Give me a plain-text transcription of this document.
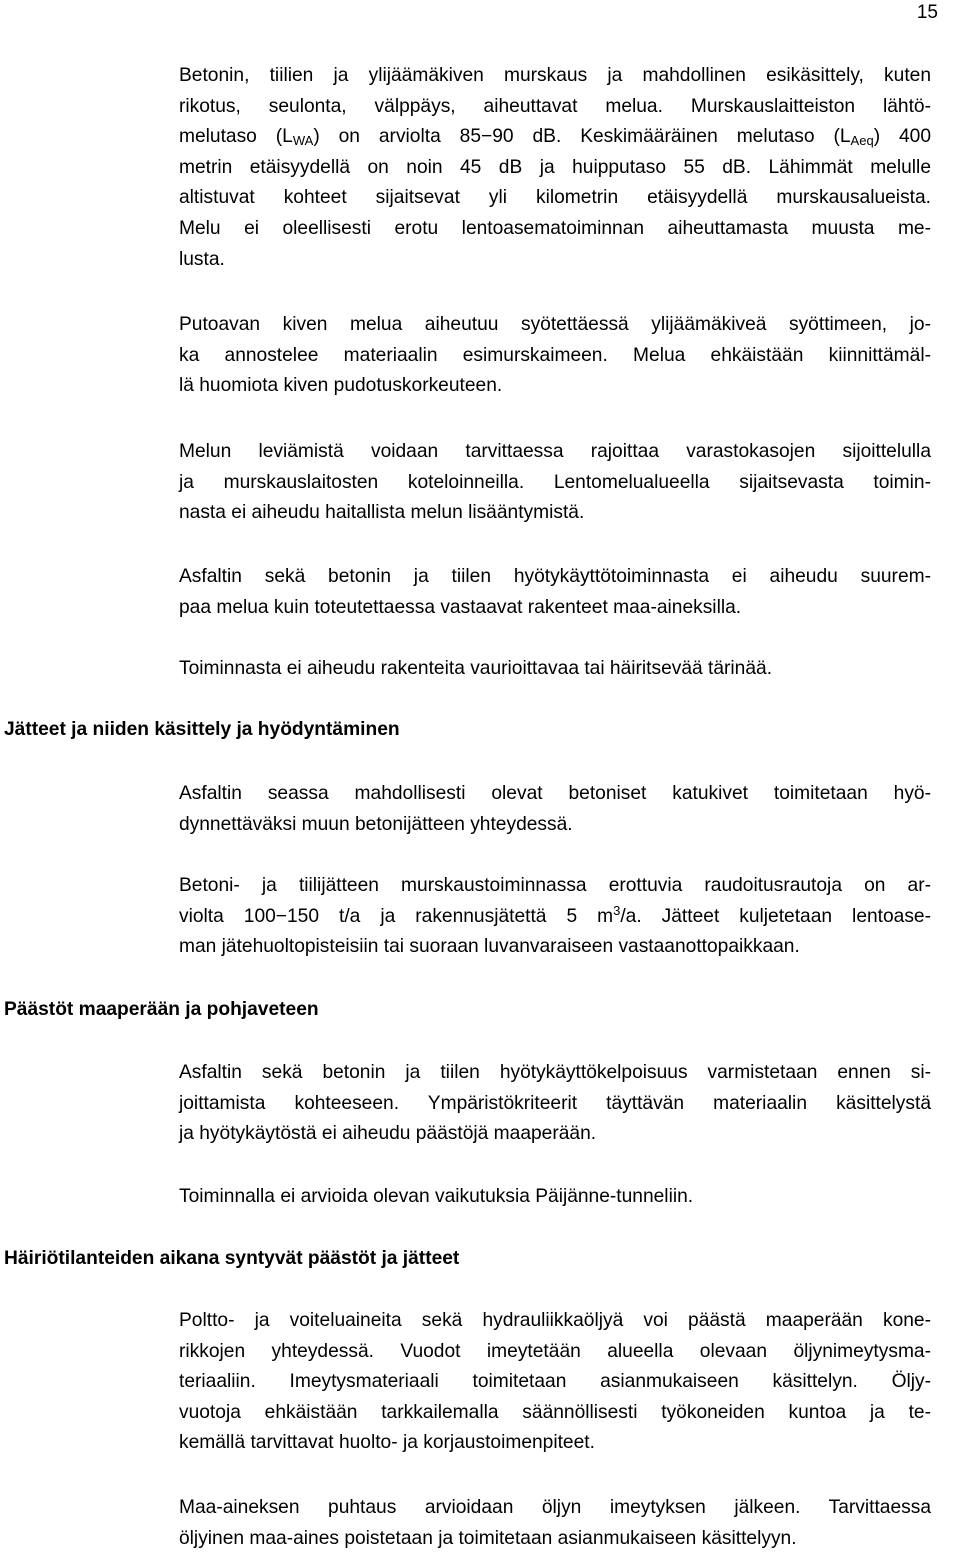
15
Betonin, tiilien ja ylijäämäkiven murskaus ja mahdollinen esikäsittely, kuten
rikotus, seulonta, välppäys, aiheuttavat melua. Murskauslaitteiston lähtö-
melutaso $(L_{WA})$ on arviolta 85−90 dB. Keskimääräinen melutaso $(L_{Aeq})$ 400
metrin etäisyydellä on noin 45 dB ja huipputaso 55 dB. Lähimmät melulle
altistuvat kohteet sijaitsevat yli kilometrin etäisyydellä murskausalueista.
Melu ei oleellisesti erotu lentoasematoiminnan aiheuttamasta muusta me-
lusta.
Putoavan kiven melua aiheutuu syötettäessä ylijäämäkiveä syöttimeen, jo-
ka annostelee materiaalin esimurskaimeen. Melua ehkäistään kiinnittämäl-
lä huomiota kiven pudotuskorkeuteen.
Melun leviämistä voidaan tarvittaessa rajoittaa varastokasojen sijoittelulla
ja murskauslaitosten koteloinneilla. Lentomelualueella sijaitsevasta toimin-
nasta ei aiheudu haitallista melun lisääntymistä.
Asfaltin sekä betonin ja tiilen hyötykäyttötoiminnasta ei aiheudu suurem-
paa melua kuin toteutettaessa vastaavat rakenteet maa-aineksilla.
Toiminnasta ei aiheudu rakenteita vaurioittavaa tai häiritsevää tärinää.
Jätteet ja niiden käsittely ja hyödyntäminen
Asfaltin seassa mahdollisesti olevat betoniset katukivet toimitetaan hyö-
dynnettäväksi muun betonijätteen yhteydessä.
Betoni- ja tiilijätteen murskaustoiminnassa erottuvia raudoitusrautoja on ar-
violta 100−150 t/a ja rakennusjätettä 5 $m^3/a$. Jätteet kuljetetaan lentoase-
man jätehuoltopisteisiin tai suoraan luvanvaraiseen vastaanottopaikkaan.
Päästöt maaperään ja pohjaveteen
Asfaltin sekä betonin ja tiilen hyötykäyttökelpoisuus varmistetaan ennen si-
joittamista kohteeseen. Ympäristökriteerit täyttävän materiaalin käsittelystä
ja hyötykäytöstä ei aiheudu päästöjä maaperään.
Toiminnalla ei arvioida olevan vaikutuksia Päijänne-tunneliin.
Häiriötilanteiden aikana syntyvät päästöt ja jätteet
Poltto- ja voiteluaineita sekä hydrauliikkaöljyä voi päästä maaperään kone-
rikkojen yhteydessä. Vuodot imeytetään alueella olevaan öljynimeytysma-
teriaaliin. Imeytysmateriaali toimitetaan asianmukaiseen käsittelyn. Öljy-
vuotoja ehkäistään tarkkailemalla säännöllisesti työkoneiden kuntoa ja te-
kemällä tarvittavat huolto- ja korjaustoimenpiteet.
Maa-aineksen puhtaus arvioidaan öljyn imeytyksen jälkeen. Tarvittaessa
öljyinen maa-aines poistetaan ja toimitetaan asianmukaiseen käsittelyyn.
